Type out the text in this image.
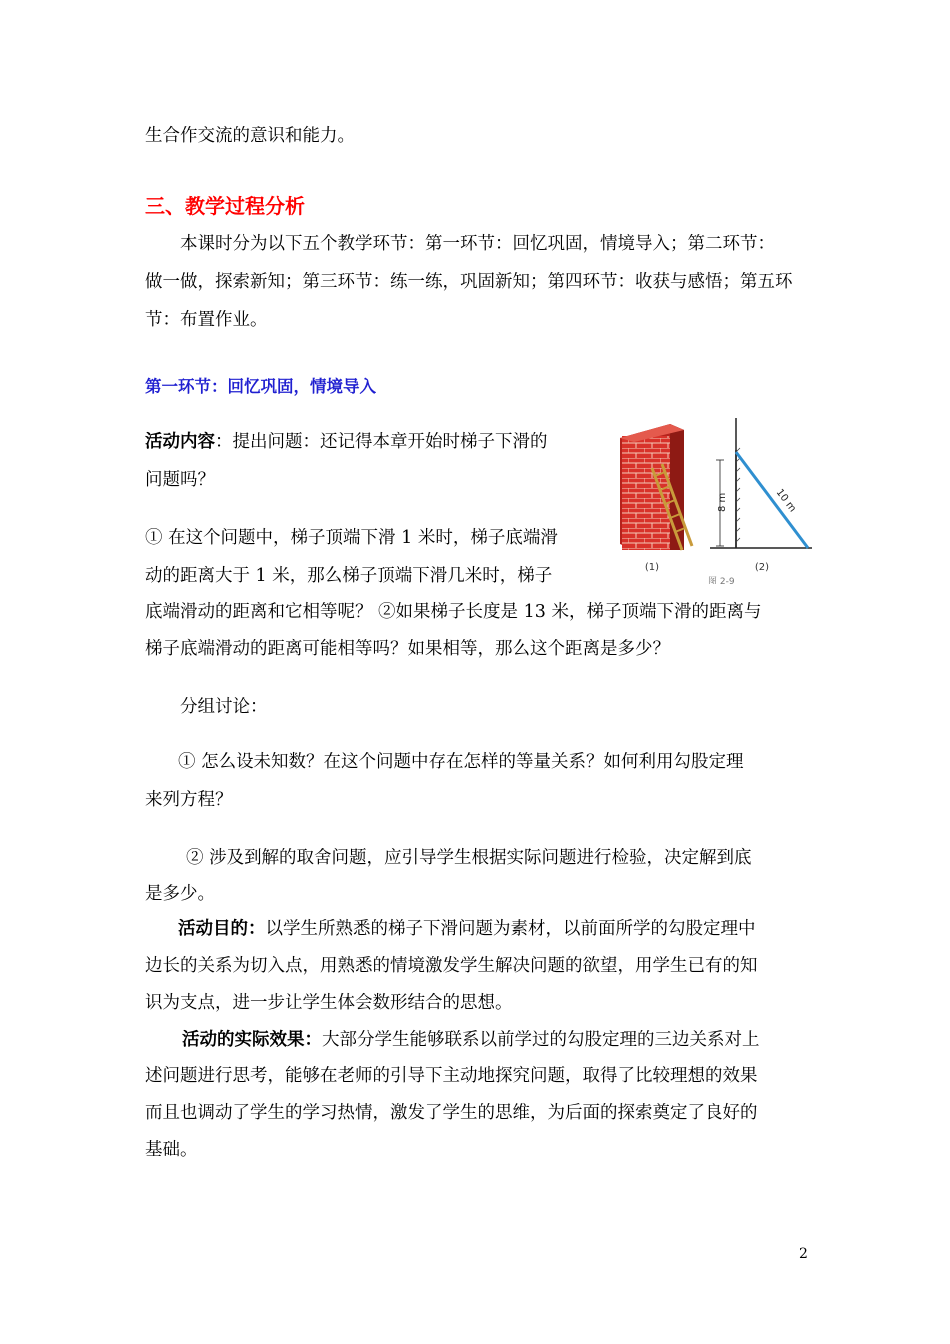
生合作交流的意识和能力。
三、教学过程分析
本课时分为以下五个教学环节：第一环节：回忆巩固，情境导入；第二环节：
做一做，探索新知；第三环节：练一练，巩固新知；第四环节：收获与感悟；第五环
节：布置作业。
第一环节：回忆巩固，情境导入
活动内容：提出问题：还记得本章开始时梯子下滑的
问题吗？
① 在这个问题中，梯子顶端下滑 1 米时，梯子底端滑
动的距离大于 1 米，那么梯子顶端下滑几米时，梯子
底端滑动的距离和它相等呢？ ②如果梯子长度是 13 米，梯子顶端下滑的距离与
梯子底端滑动的距离可能相等吗？如果相等，那么这个距离是多少？
分组讨论：
① 怎么设未知数？在这个问题中存在怎样的等量关系？如何利用勾股定理
来列方程？
② 涉及到解的取舍问题，应引导学生根据实际问题进行检验，决定解到底
是多少。
活动目的：以学生所熟悉的梯子下滑问题为素材，以前面所学的勾股定理中
边长的关系为切入点，用熟悉的情境激发学生解决问题的欲望，用学生已有的知
识为支点，进一步让学生体会数形结合的思想。
活动的实际效果：大部分学生能够联系以前学过的勾股定理的三边关系对上
述问题进行思考，能够在老师的引导下主动地探究问题，取得了比较理想的效果
而且也调动了学生的学习热情，激发了学生的思维，为后面的探索奠定了良好的
基础。
(1)
8 m	10 m
(2)
图 2-9
2
